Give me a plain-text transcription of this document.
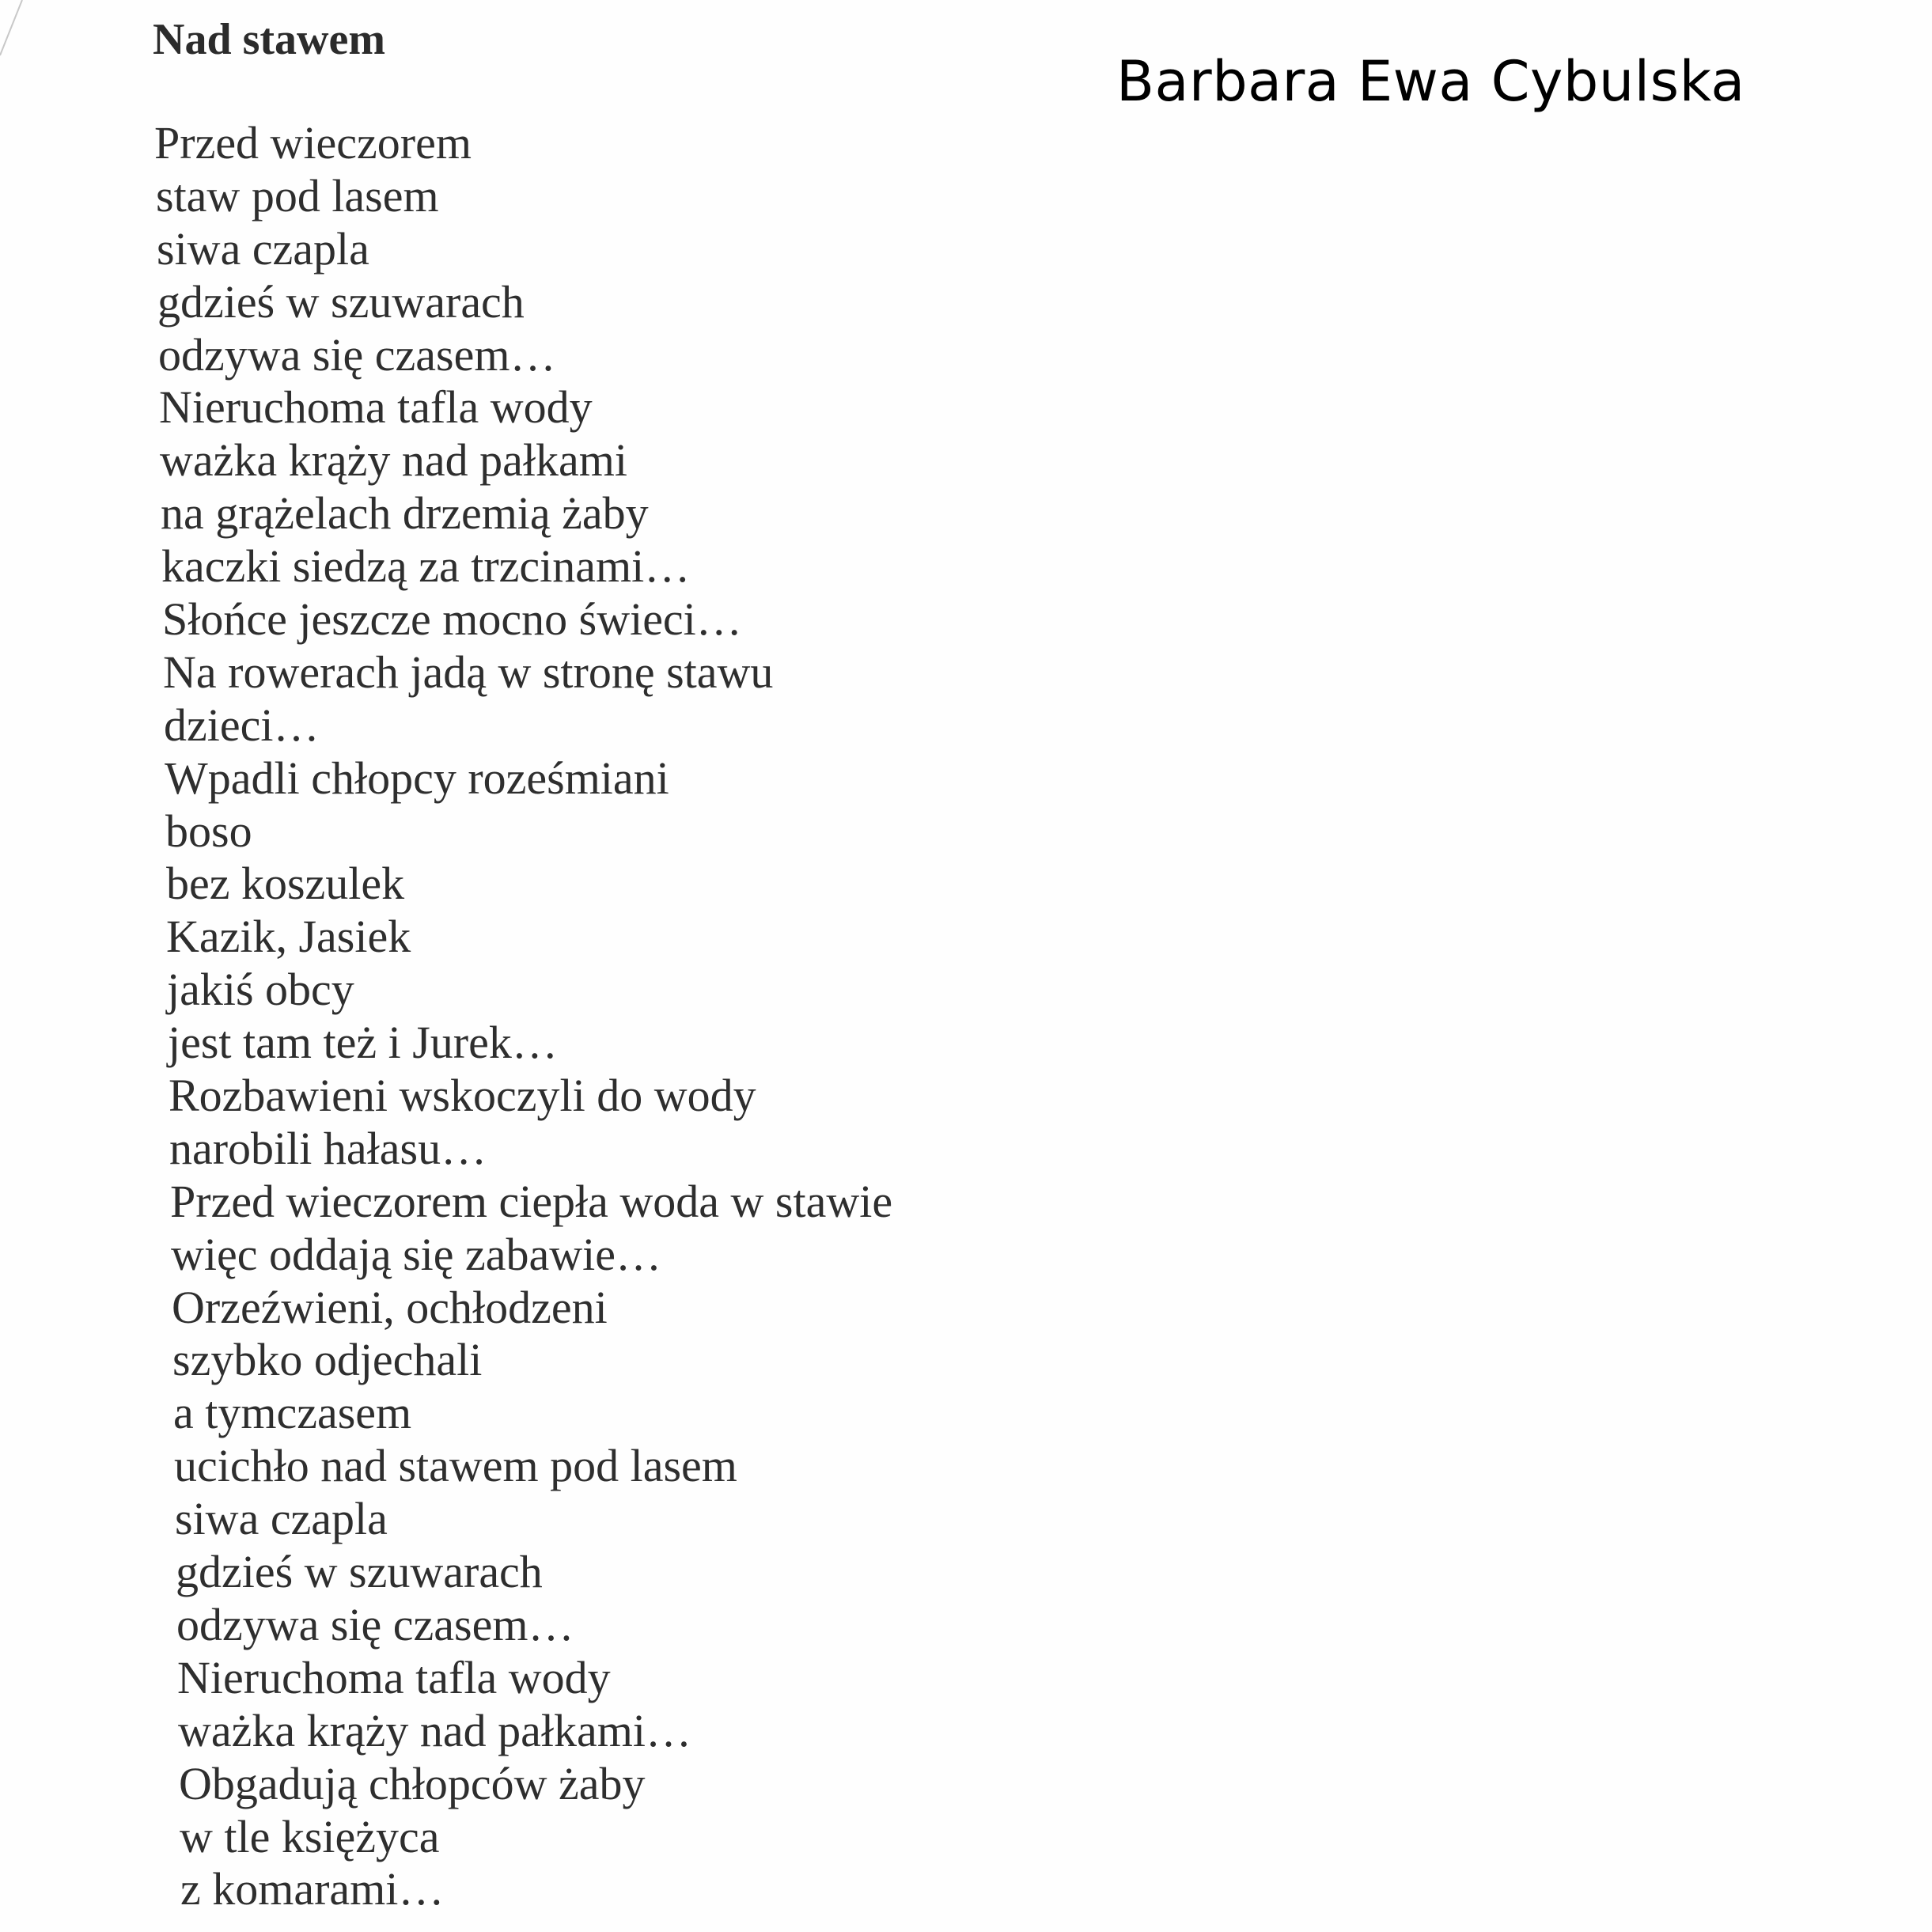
Nad stawem

Barbara Ewa Cybulska

Przed wieczorem
staw pod lasem
siwa czapla
gdzieś w szuwarach
odzywa się czasem…
Nieruchoma tafla wody
ważka krąży nad pałkami
na grążelach drzemią żaby
kaczki siedzą za trzcinami…
Słońce jeszcze mocno świeci…
Na rowerach jadą w stronę stawu
dzieci…
Wpadli chłopcy roześmiani
boso
bez koszulek
Kazik, Jasiek
jakiś obcy
jest tam też i Jurek…
Rozbawieni wskoczyli do wody
narobili hałasu…
Przed wieczorem ciepła woda w stawie
więc oddają się zabawie…
Orzeźwieni, ochłodzeni
szybko odjechali
a tymczasem
ucichło nad stawem pod lasem
siwa czapla
gdzieś w szuwarach
odzywa się czasem…
Nieruchoma tafla wody
ważka krąży nad pałkami…
Obgadują chłopców żaby
w tle księżyca
z komarami…
